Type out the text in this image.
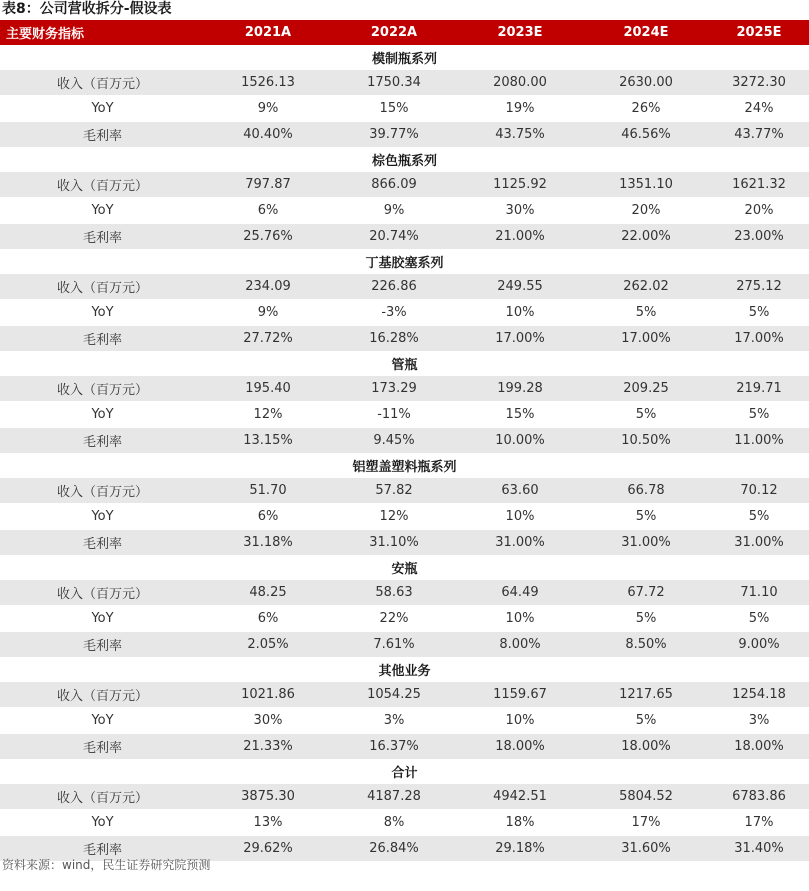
表8：公司营收拆分-假设表
主要财务指标	2021A	2022A	2023E	2024E	2025E
模制瓶系列					
收入（百万元）	1526.13	1750.34	2080.00	2630.00	3272.30
YoY	9%	15%	19%	26%	24%
毛利率	40.40%	39.77%	43.75%	46.56%	43.77%
棕色瓶系列					
收入（百万元）	797.87	866.09	1125.92	1351.10	1621.32
YoY	6%	9%	30%	20%	20%
毛利率	25.76%	20.74%	21.00%	22.00%	23.00%
丁基胶塞系列					
收入（百万元）	234.09	226.86	249.55	262.02	275.12
YoY	9%	-3%	10%	5%	5%
毛利率	27.72%	16.28%	17.00%	17.00%	17.00%
管瓶					
收入（百万元）	195.40	173.29	199.28	209.25	219.71
YoY	12%	-11%	15%	5%	5%
毛利率	13.15%	9.45%	10.00%	10.50%	11.00%
铝塑盖塑料瓶系列					
收入（百万元）	51.70	57.82	63.60	66.78	70.12
YoY	6%	12%	10%	5%	5%
毛利率	31.18%	31.10%	31.00%	31.00%	31.00%
安瓶					
收入（百万元）	48.25	58.63	64.49	67.72	71.10
YoY	6%	22%	10%	5%	5%
毛利率	2.05%	7.61%	8.00%	8.50%	9.00%
其他业务					
收入（百万元）	1021.86	1054.25	1159.67	1217.65	1254.18
YoY	30%	3%	10%	5%	3%
毛利率	21.33%	16.37%	18.00%	18.00%	18.00%
合计					
收入（百万元）	3875.30	4187.28	4942.51	5804.52	6783.86
YoY	13%	8%	18%	17%	17%
毛利率	29.62%	26.84%	29.18%	31.60%	31.40%
资料来源：wind，民生证券研究院预测
